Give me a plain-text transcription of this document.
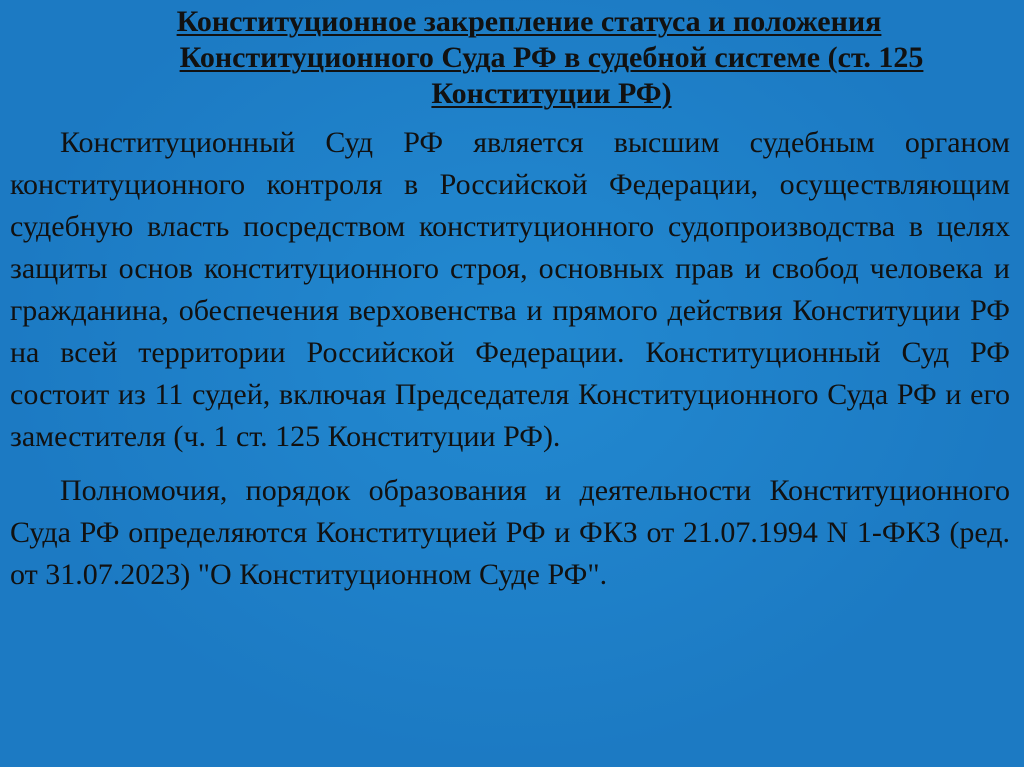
Конституционное закрепление статуса и положения Конституционного Суда РФ в судебной системе (ст. 125 Конституции РФ)

Конституционный Суд РФ является высшим судебным органом конституционного контроля в Российской Федерации, осуществляющим судебную власть посредством конституционного судопроизводства в целях защиты основ конституционного строя, основных прав и свобод человека и гражданина, обеспечения верховенства и прямого действия Конституции РФ на всей территории Российской Федерации. Конституционный Суд РФ состоит из 11 судей, включая Председателя Конституционного Суда РФ и его заместителя (ч. 1 ст. 125 Конституции РФ).

Полномочия, порядок образования и деятельности Конституционного Суда РФ определяются Конституцией РФ и ФКЗ от 21.07.1994 N 1-ФКЗ (ред. от 31.07.2023) "О Конституционном Суде РФ".
